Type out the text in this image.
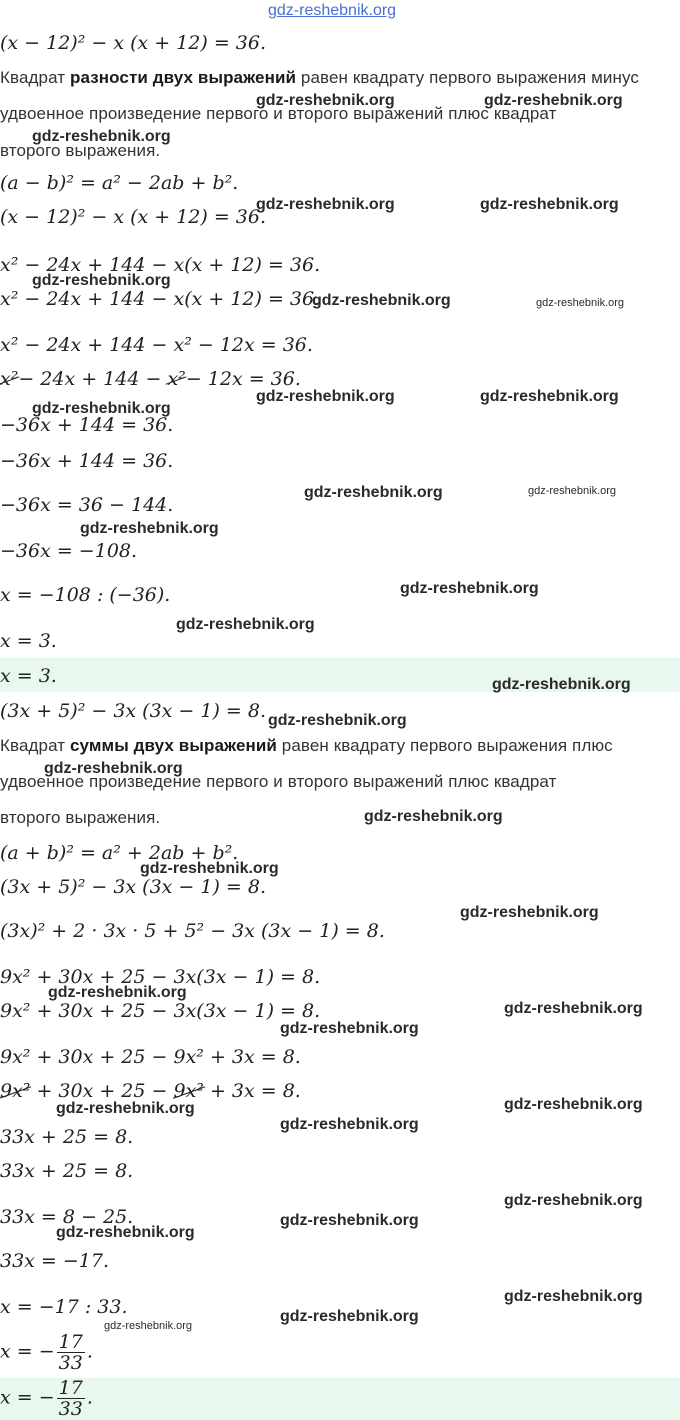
gdz-reshebnik.org
(x − 12)² − x (x + 12) = 36.
Квадрат разности двух выражений равен квадрату первого выражения минус
удвоенное произведение первого и второго выражений плюс квадрат
второго выражения.
(a − b)² = a² − 2ab + b².
(x − 12)² − x (x + 12) = 36.
x² − 24x + 144 − x(x + 12) = 36.
x² − 24x + 144 − x(x + 12) = 36.
x² − 24x + 144 − x² − 12x = 36.
x²− 24x + 144 − x²− 12x = 36.
−36x + 144 = 36.
−36x + 144 = 36.
−36x = 36 − 144.
−36x = −108.
x = −108 : (−36).
x = 3.
x = 3.
(3x + 5)² − 3x (3x − 1) = 8.
Квадрат суммы двух выражений равен квадрату первого выражения плюс
удвоенное произведение первого и второго выражений плюс квадрат
второго выражения.
(a + b)² = a² + 2ab + b².
(3x + 5)² − 3x (3x − 1) = 8.
(3x)² + 2 · 3x · 5 + 5² − 3x (3x − 1) = 8.
9x² + 30x + 25 − 3x(3x − 1) = 8.
9x² + 30x + 25 − 3x(3x − 1) = 8.
9x² + 30x + 25 − 9x² + 3x = 8.
9x² + 30x + 25 − 9x² + 3x = 8.
33x + 25 = 8.
33x + 25 = 8.
33x = 8 − 25.
33x = −17.
x = −17 : 33.
x = − $\frac{17}{33}$ .
x = − $\frac{17}{33}$ .
gdz-reshebnik.org	gdz-reshebnik.org
gdz-reshebnik.org
gdz-reshebnik.org	gdz-reshebnik.org
gdz-reshebnik.org
gdz-reshebnik.org	gdz-reshebnik.org
gdz-reshebnik.org	gdz-reshebnik.org
gdz-reshebnik.org
gdz-reshebnik.org	gdz-reshebnik.org
gdz-reshebnik.org
gdz-reshebnik.org
gdz-reshebnik.org
gdz-reshebnik.org
gdz-reshebnik.org
gdz-reshebnik.org
gdz-reshebnik.org
gdz-reshebnik.org
gdz-reshebnik.org
gdz-reshebnik.org
gdz-reshebnik.org
gdz-reshebnik.org
gdz-reshebnik.org	gdz-reshebnik.org
gdz-reshebnik.org
gdz-reshebnik.org
gdz-reshebnik.org
gdz-reshebnik.org
gdz-reshebnik.org
gdz-reshebnik.org
gdz-reshebnik.org
